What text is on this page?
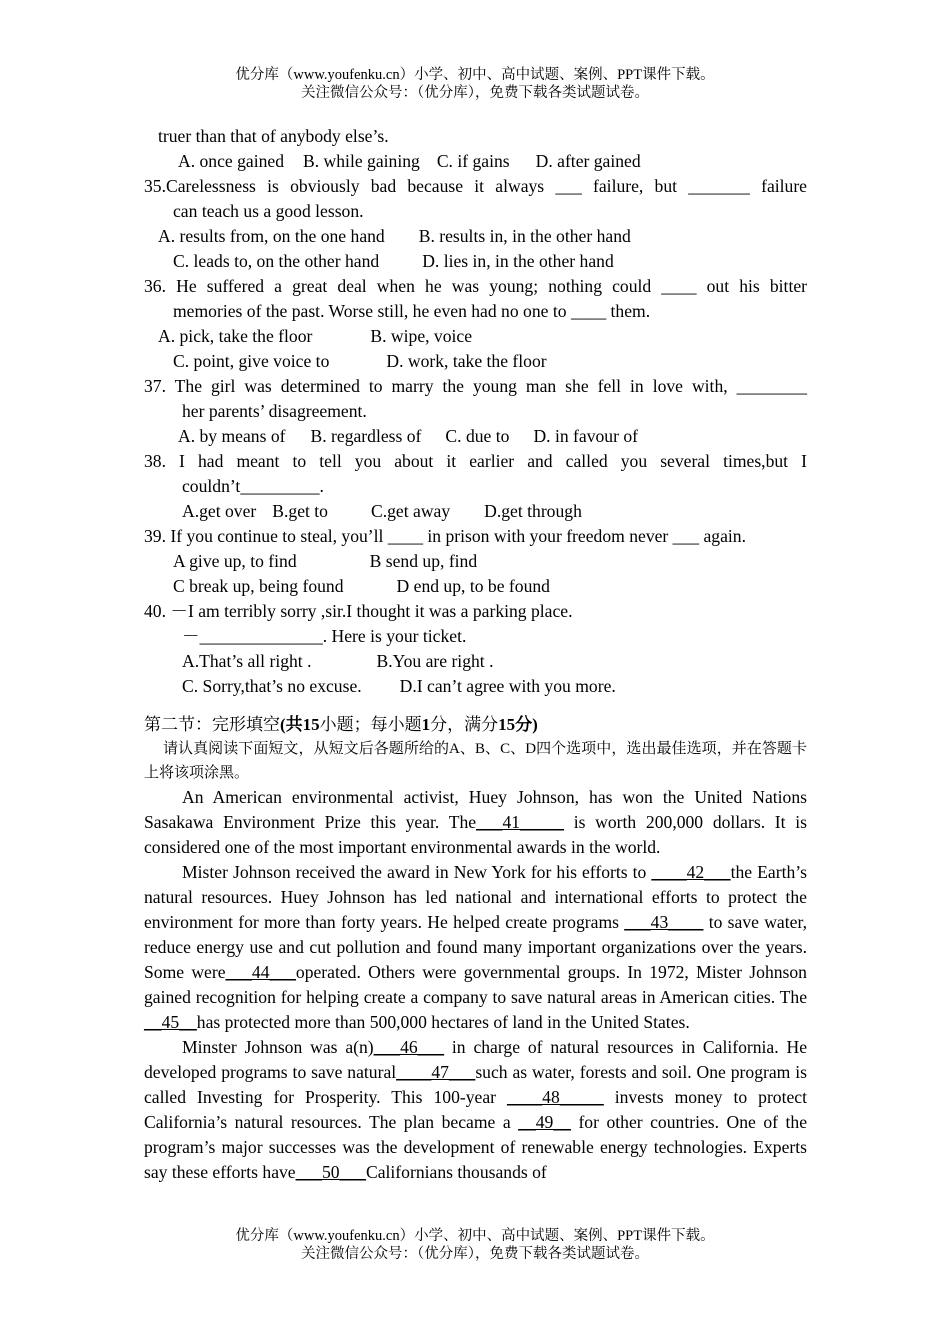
优分库（www.youfenku.cn）小学、初中、高中试题、案例、PPT课件下载。
关注微信公众号：（优分库），免费下载各类试题试卷。
truer than that of anybody else’s.
A. once gained B. while gaining C. if gains D. after gained
35.Carelessness is obviously bad because it always ___ failure, but _______ failure
can teach us a good lesson.
A. results from, on the one hand B. results in, in the other hand
C. leads to, on the other hand D. lies in, in the other hand
36. He suffered a great deal when he was young; nothing could ____ out his bitter
memories of the past. Worse still, he even had no one to ____ them.
A. pick, take the floor	B. wipe, voice
C. point, give voice to	D. work, take the floor
37. The girl was determined to marry the young man she fell in love with, ________
her parents’ disagreement.
A. by means of B. regardless of C. due to D. in favour of
38. I had meant to tell you about it earlier and called you several times,but I
couldn’t_________.
A.get over B.get to C.get away D.get through
39. If you continue to steal, you’ll ____ in prison with your freedom never ___ again.
A give up, to find	B send up, find
C break up, being found	D end up, to be found
40. －I am terribly sorry ,sir.I thought it was a parking place.
－______________. Here is your ticket.
A.That’s all right .	B.You are right .
C. Sorry,that’s no excuse. D.I can’t agree with you more.
第二节：完形填空(共15小题；每小题1分，满分15分)
请认真阅读下面短文，从短文后各题所给的A、B、C、D四个选项中，选出最佳选项，并在答题卡上将该项涂黑。

An American environmental activist, Huey Johnson, has won the United Nations Sasakawa Environment Prize this year. The___41_____ is worth 200,000 dollars. It is considered one of the most important environmental awards in the world.

Mister Johnson received the award in New York for his efforts to ____42___the Earth’s natural resources. Huey Johnson has led national and international efforts to protect the environment for more than forty years. He helped create programs ___43____ to save water, reduce energy use and cut pollution and found many important organizations over the years. Some were___44___operated. Others were governmental groups. In 1972, Mister Johnson gained recognition for helping create a company to save natural areas in American cities. The __45__has protected more than 500,000 hectares of land in the United States.

Minster Johnson was a(n)___46___ in charge of natural resources in California. He developed programs to save natural____47___such as water, forests and soil. One program is called Investing for Prosperity. This 100-year ____48_____ invests money to protect California’s natural resources. The plan became a __49__ for other countries. One of the program’s major successes was the development of renewable energy technologies. Experts say these efforts have___50___Californians thousands of

优分库（www.youfenku.cn）小学、初中、高中试题、案例、PPT课件下载。
关注微信公众号：（优分库），免费下载各类试题试卷。
